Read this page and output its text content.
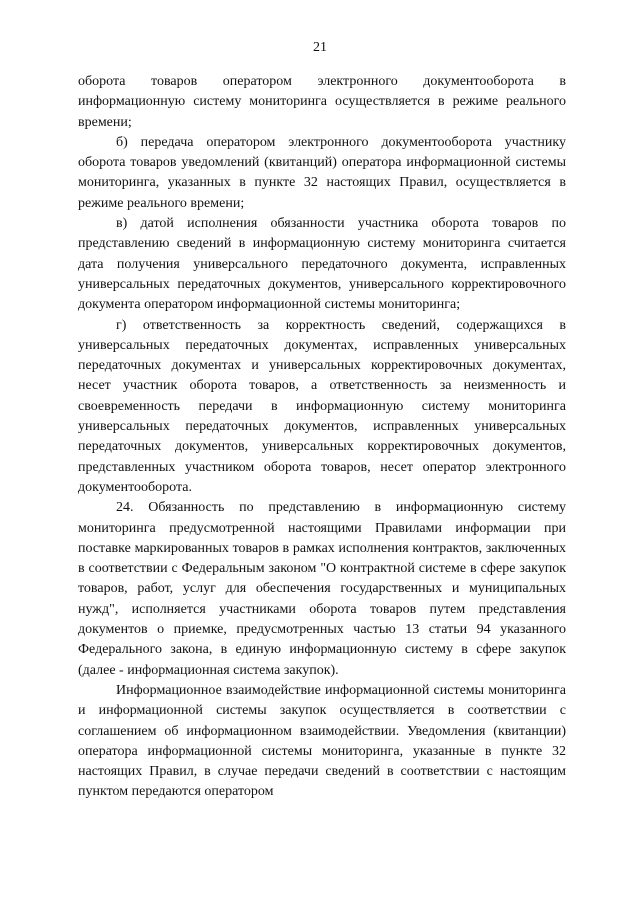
21

оборота товаров оператором электронного документооборота в информационную систему мониторинга осуществляется в режиме реального времени;

б) передача оператором электронного документооборота участнику оборота товаров уведомлений (квитанций) оператора информационной системы мониторинга, указанных в пункте 32 настоящих Правил, осуществляется в режиме реального времени;

в) датой исполнения обязанности участника оборота товаров по представлению сведений в информационную систему мониторинга считается дата получения универсального передаточного документа, исправленных универсальных передаточных документов, универсального корректировочного документа оператором информационной системы мониторинга;

г) ответственность за корректность сведений, содержащихся в универсальных передаточных документах, исправленных универсальных передаточных документах и универсальных корректировочных документах, несет участник оборота товаров, а ответственность за неизменность и своевременность передачи в информационную систему мониторинга универсальных передаточных документов, исправленных универсальных передаточных документов, универсальных корректировочных документов, представленных участником оборота товаров, несет оператор электронного документооборота.

24. Обязанность по представлению в информационную систему мониторинга предусмотренной настоящими Правилами информации при поставке маркированных товаров в рамках исполнения контрактов, заключенных в соответствии с Федеральным законом "О контрактной системе в сфере закупок товаров, работ, услуг для обеспечения государственных и муниципальных нужд", исполняется участниками оборота товаров путем представления документов о приемке, предусмотренных частью 13 статьи 94 указанного Федерального закона, в единую информационную систему в сфере закупок (далее - информационная система закупок).

Информационное взаимодействие информационной системы мониторинга и информационной системы закупок осуществляется в соответствии с соглашением об информационном взаимодействии. Уведомления (квитанции) оператора информационной системы мониторинга, указанные в пункте 32 настоящих Правил, в случае передачи сведений в соответствии с настоящим пунктом передаются оператором
